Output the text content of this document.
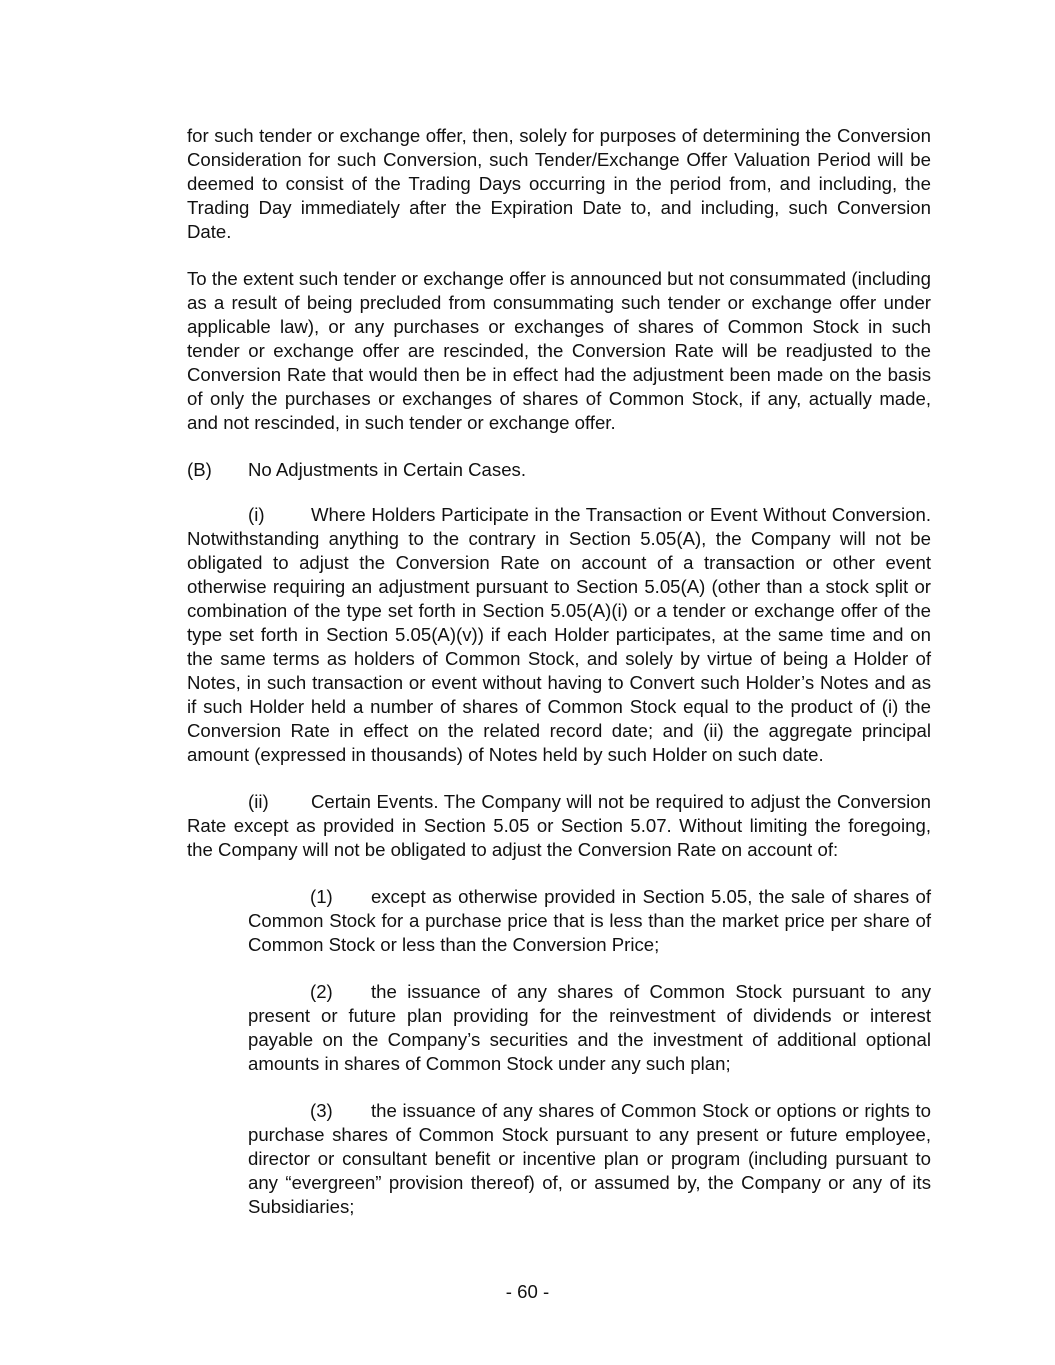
for such tender or exchange offer, then, solely for purposes of determining the Conversion Consideration for such Conversion, such Tender/Exchange Offer Valuation Period will be deemed to consist of the Trading Days occurring in the period from, and including, the Trading Day immediately after the Expiration Date to, and including, such Conversion Date.

To the extent such tender or exchange offer is announced but not consummated (including as a result of being precluded from consummating such tender or exchange offer under applicable law), or any purchases or exchanges of shares of Common Stock in such tender or exchange offer are rescinded, the Conversion Rate will be readjusted to the Conversion Rate that would then be in effect had the adjustment been made on the basis of only the purchases or exchanges of shares of Common Stock, if any, actually made, and not rescinded, in such tender or exchange offer.

(B) No Adjustments in Certain Cases.

(i) Where Holders Participate in the Transaction or Event Without Conversion. Notwithstanding anything to the contrary in Section 5.05(A), the Company will not be obligated to adjust the Conversion Rate on account of a transaction or other event otherwise requiring an adjustment pursuant to Section 5.05(A) (other than a stock split or combination of the type set forth in Section 5.05(A)(i) or a tender or exchange offer of the type set forth in Section 5.05(A)(v)) if each Holder participates, at the same time and on the same terms as holders of Common Stock, and solely by virtue of being a Holder of Notes, in such transaction or event without having to Convert such Holder’s Notes and as if such Holder held a number of shares of Common Stock equal to the product of (i) the Conversion Rate in effect on the related record date; and (ii) the aggregate principal amount (expressed in thousands) of Notes held by such Holder on such date.

(ii) Certain Events. The Company will not be required to adjust the Conversion Rate except as provided in Section 5.05 or Section 5.07. Without limiting the foregoing, the Company will not be obligated to adjust the Conversion Rate on account of:

(1) except as otherwise provided in Section 5.05, the sale of shares of Common Stock for a purchase price that is less than the market price per share of Common Stock or less than the Conversion Price;

(2) the issuance of any shares of Common Stock pursuant to any present or future plan providing for the reinvestment of dividends or interest payable on the Company’s securities and the investment of additional optional amounts in shares of Common Stock under any such plan;

(3) the issuance of any shares of Common Stock or options or rights to purchase shares of Common Stock pursuant to any present or future employee, director or consultant benefit or incentive plan or program (including pursuant to any “evergreen” provision thereof) of, or assumed by, the Company or any of its Subsidiaries;

- 60 -
